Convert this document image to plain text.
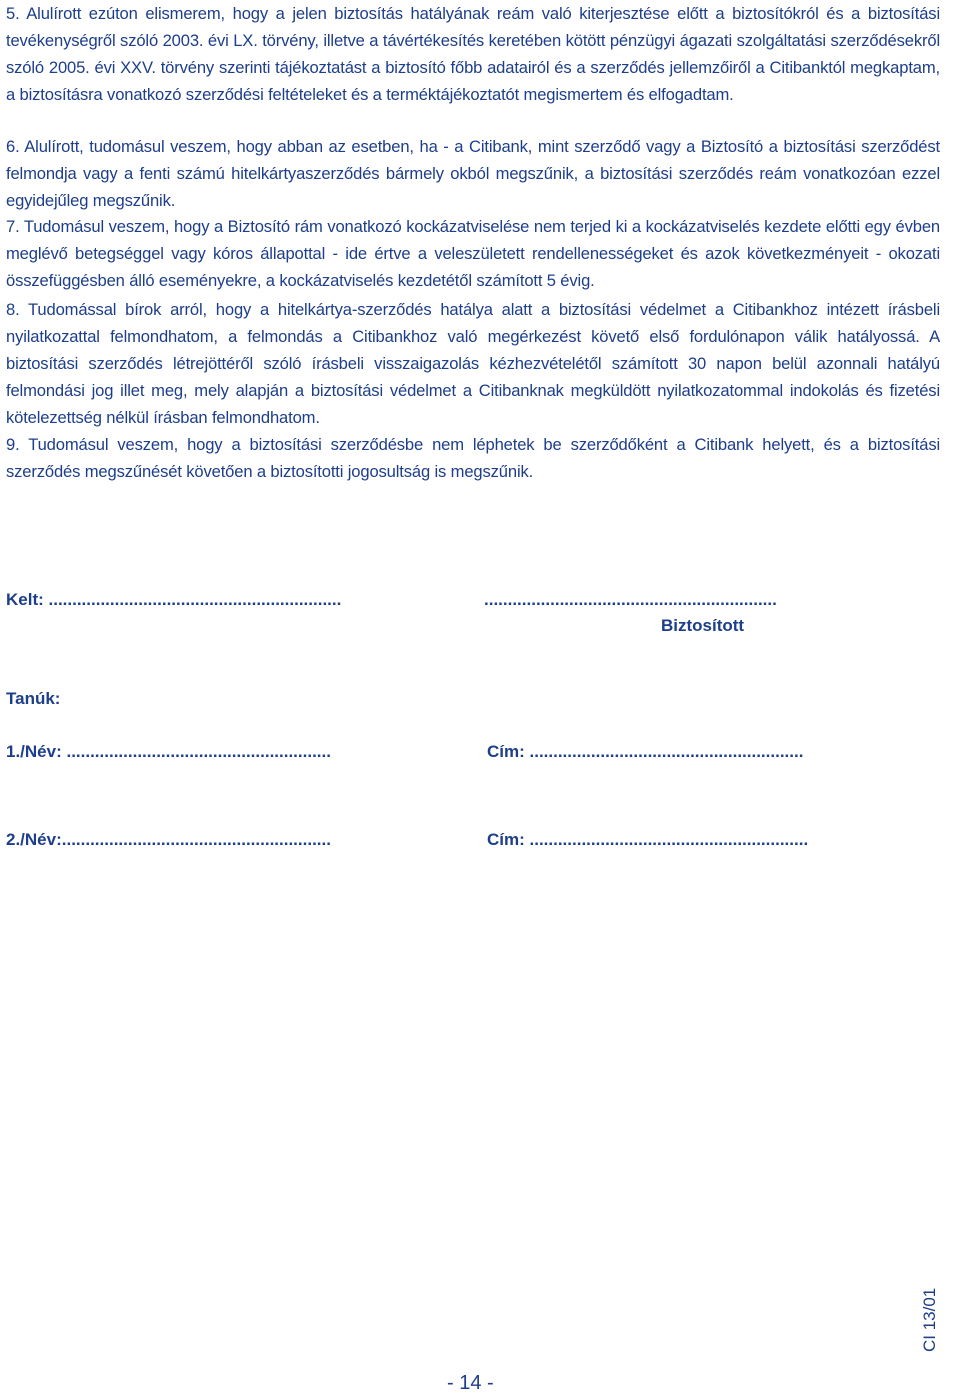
5. Alulírott ezúton elismerem, hogy a jelen biztosítás hatályának reám való kiterjesztése előtt a biztosítókról és a biztosítási tevékenységről szóló 2003. évi LX. törvény, illetve a távértékesítés keretében kötött pénzügyi ágazati szolgáltatási szerződésekről szóló 2005. évi XXV. törvény szerinti tájékoztatást a biztosító főbb adatairól és a szerződés jellemzőiről a Citibanktól megkaptam, a biztosításra vonatkozó szerződési feltételeket és a terméktájékoztatót megismertem és elfogadtam.

6. Alulírott, tudomásul veszem, hogy abban az esetben, ha - a Citibank, mint szerződő vagy a Biztosító a biztosítási szerződést felmondja vagy a fenti számú hitelkártyaszerződés bármely okból megszűnik, a biztosítási szerződés reám vonatkozóan ezzel egyidejűleg megszűnik.

7. Tudomásul veszem, hogy a Biztosító rám vonatkozó kockázatviselése nem terjed ki a kockázatviselés kezdete előtti egy évben meglévő betegséggel vagy kóros állapottal - ide értve a veleszületett rendellenességeket és azok következményeit - okozati összefüggésben álló eseményekre, a kockázatviselés kezdetétől számított 5 évig.

8. Tudomással bírok arról, hogy a hitelkártya-szerződés hatálya alatt a biztosítási védelmet a Citibankhoz intézett írásbeli nyilatkozattal felmondhatom, a felmondás a Citibankhoz való megérkezést követő első fordulónapon válik hatályossá. A biztosítási szerződés létrejöttéről szóló írásbeli visszaigazolás kézhezvételétől számított 30 napon belül azonnali hatályú felmondási jog illet meg, mely alapján a biztosítási védelmet a Citibanknak megküldött nyilatkozatommal indokolás és fizetési kötelezettség nélkül írásban felmondhatom.

9. Tudomásul veszem, hogy a biztosítási szerződésbe nem léphetek be szerződőként a Citibank helyett, és a biztosítási szerződés megszűnését követően a biztosítotti jogosultság is megszűnik.

Kelt: ..............................................................	..............................................................
Biztosított
Tanúk:
1./Név: ........................................................	Cím: ..........................................................
2./Név:.........................................................	Cím: ...........................................................
- 14 -
CI 13/01
